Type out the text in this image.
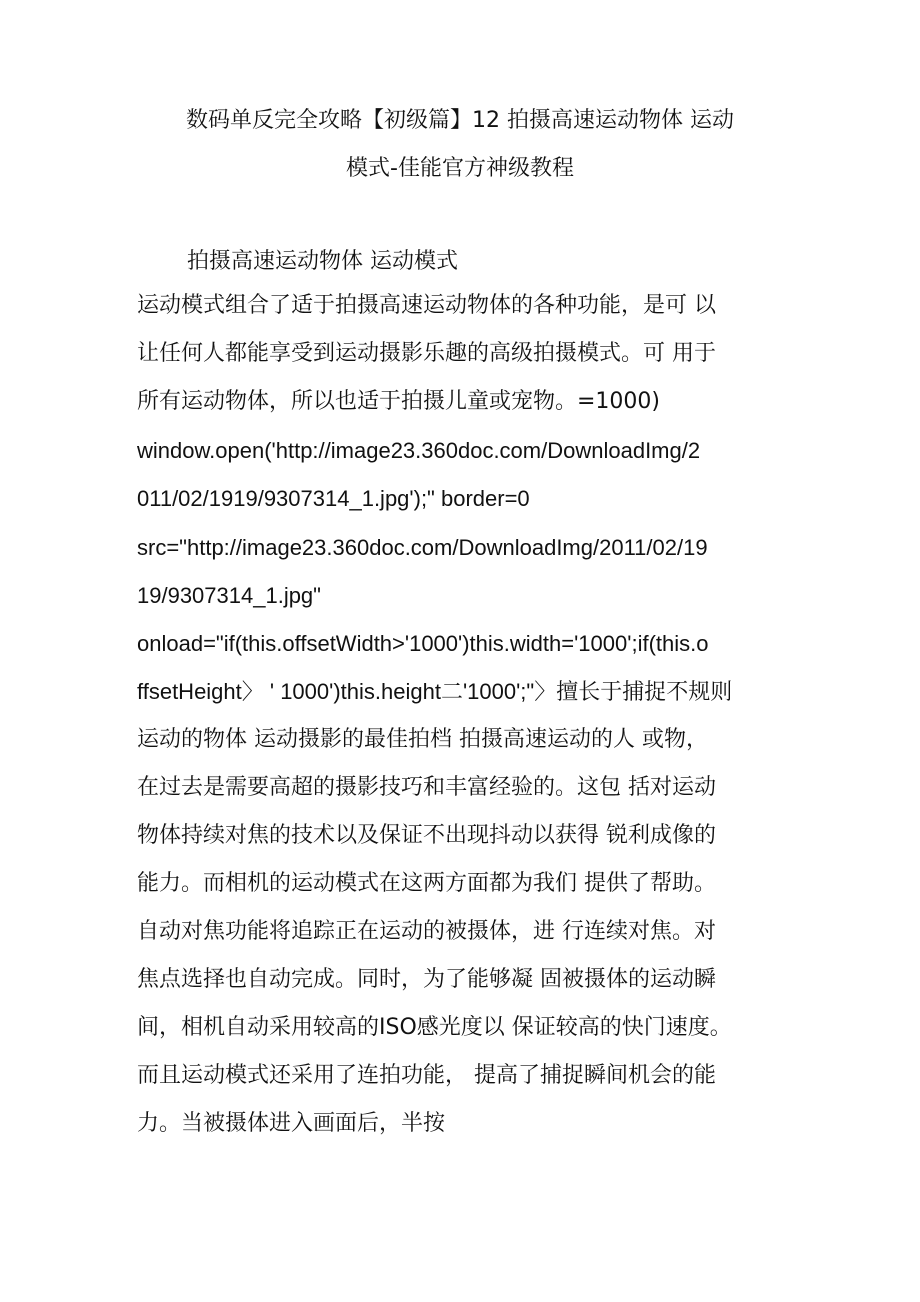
数码单反完全攻略【初级篇】12 拍摄高速运动物体 运动
模式-佳能官方神级教程
拍摄高速运动物体 运动模式
运动模式组合了适于拍摄高速运动物体的各种功能，是可 以
让任何人都能享受到运动摄影乐趣的高级拍摄模式。可 用于
所有运动物体，所以也适于拍摄儿童或宠物。=1000)
window.open('http://image23.360doc.com/DownloadImg/2
011/02/1919/9307314_1.jpg');" border=0
src="http://image23.360doc.com/DownloadImg/2011/02/19
19/9307314_1.jpg"
onload="if(this.offsetWidth>'1000')this.width='1000';if(this.o
ffsetHeight〉 ' 1000')this.height二'1000';"〉擅长于捕捉不规则
运动的物体 运动摄影的最佳拍档 拍摄高速运动的人 或物，
在过去是需要高超的摄影技巧和丰富经验的。这包 括对运动
物体持续对焦的技术以及保证不出现抖动以获得 锐利成像的
能力。而相机的运动模式在这两方面都为我们 提供了帮助。
自动对焦功能将追踪正在运动的被摄体，进 行连续对焦。对
焦点选择也自动完成。同时，为了能够凝 固被摄体的运动瞬
间，相机自动采用较高的ISO感光度以 保证较高的快门速度。
而且运动模式还采用了连拍功能， 提高了捕捉瞬间机会的能
力。当被摄体进入画面后，半按
